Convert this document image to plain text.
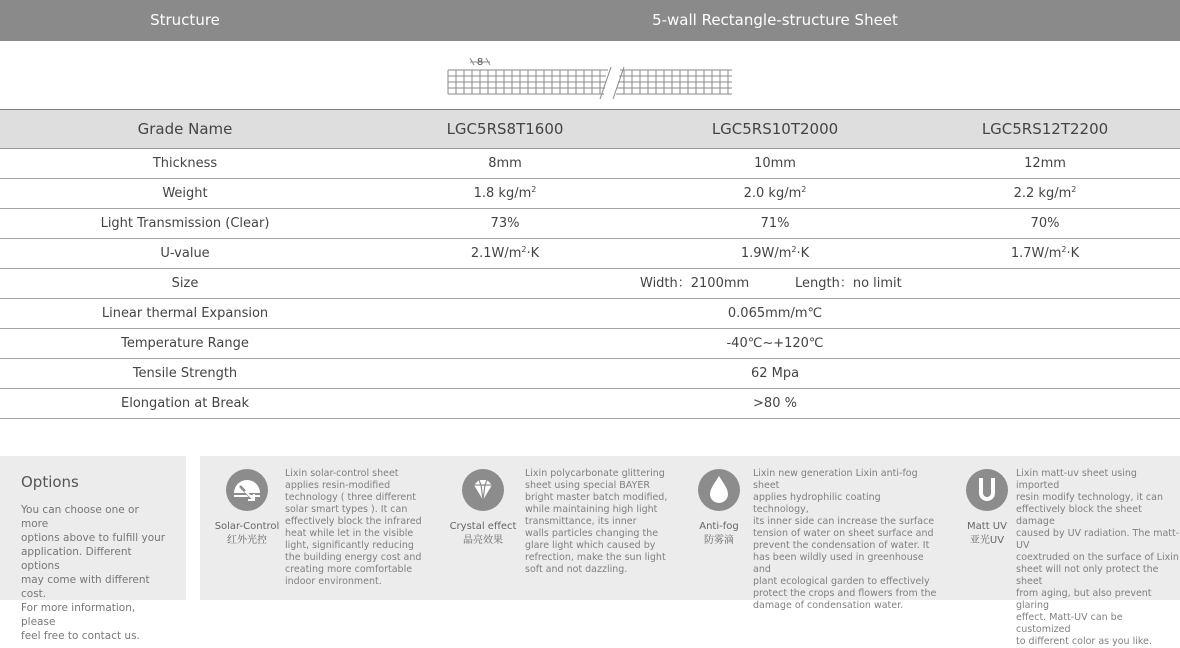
Structure	5-wall Rectangle-structure Sheet
8
Grade Name	LGC5RS8T1600	LGC5RS10T2000	LGC5RS12T2200
Thickness	8mm	10mm	12mm
Weight	1.8 $kg/m^2$	2.0 $kg/m^2$	2.2 $kg/m^2$
Light Transmission (Clear)	73%	71%	70%
U-value	$2.1W/m^2\cdot K$	$1.9W/m^2\cdot K$	$1.7W/m^2\cdot K$
Size	Width：2100mm	Length：no limit
Linear thermal Expansion	0.065mm/m℃
Temperature Range	-40℃~+120℃
Tensile Strength	62 Mpa
Elongation at Break	>80 %
Options

You can choose one or more
options above to fulfill your
application. Different options
may come with different cost.
For more information, please
feel free to contact us.

Solar-Control
红外光控
Lixin solar-control sheet
applies resin-modified
technology ( three different
solar smart types ). It can
effectively block the infrared
heat while let in the visible
light, significantly reducing
the building energy cost and
creating more comfortable
indoor environment.
Crystal effect
晶亮效果
Lixin polycarbonate glittering
sheet using special BAYER
bright master batch modified,
while maintaining high light
transmittance, its inner
walls particles changing the
glare light which caused by
refrection, make the sun light
soft and not dazzling.
Anti-fog
防雾滴
Lixin new generation Lixin anti-fog sheet
applies hydrophilic coating technology,
its inner side can increase the surface
tension of water on sheet surface and
prevent the condensation of water. It
has been wildly used in greenhouse and
plant ecological garden to effectively
protect the crops and flowers from the
damage of condensation water.
Matt UV
亚光UV
Lixin matt-uv sheet using imported
resin modify technology, it can
effectively block the sheet damage
caused by UV radiation. The matt-UV
coextruded on the surface of Lixin
sheet will not only protect the sheet
from aging, but also prevent glaring
effect. Matt-UV can be customized
to different color as you like.
